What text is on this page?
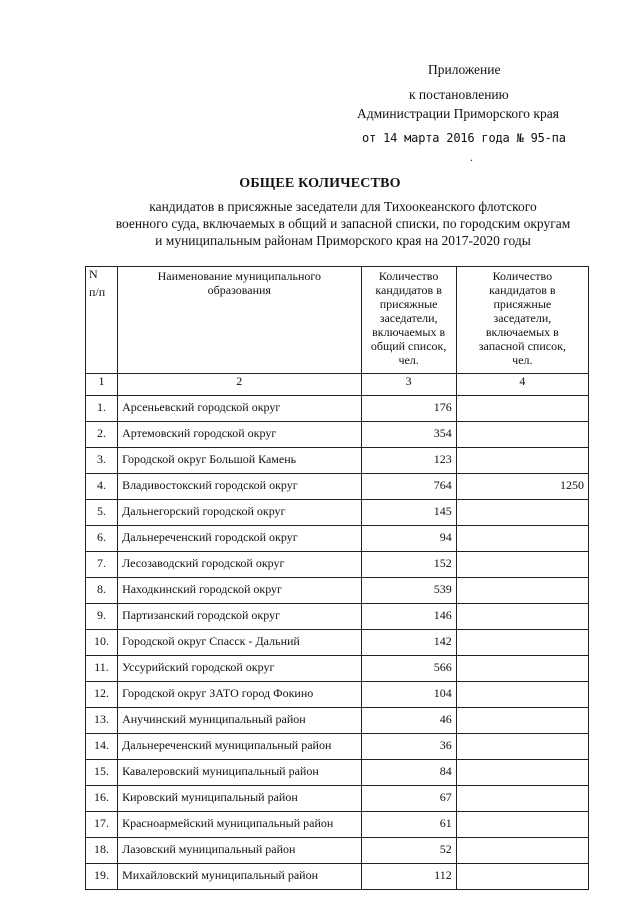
Приложение
к постановлению
Администрации Приморского края
от 14 марта 2016 года № 95-па
.
ОБЩЕЕ КОЛИЧЕСТВО
кандидатов в присяжные заседатели для Тихоокеанского флотского
военного суда, включаемых в общий и запасной списки, по городским округам
и муниципальным районам Приморского края на 2017-2020 годы
N
п/п	Наименование муниципального образования	Количество кандидатов в присяжные заседатели, включаемых в общий список, чел.	Количество кандидатов в присяжные заседатели, включаемых в запасной список, чел.
1	2	3	4
1.	Арсеньевский городской округ	176	
2.	Артемовский городской округ	354	
3.	Городской округ Большой Камень	123	
4.	Владивостокский городской округ	764	1250
5.	Дальнегорский городской округ	145	
6.	Дальнереченский городской округ	94	
7.	Лесозаводский городской округ	152	
8.	Находкинский городской округ	539	
9.	Партизанский городской округ	146	
10.	Городской округ Спасск - Дальний	142	
11.	Уссурийский городской округ	566	
12.	Городской округ ЗАТО город Фокино	104	
13.	Анучинский муниципальный район	46	
14.	Дальнереченский муниципальный район	36	
15.	Кавалеровский муниципальный район	84	
16.	Кировский муниципальный район	67	
17.	Красноармейский муниципальный район	61	
18.	Лазовский муниципальный район	52	
19.	Михайловский муниципальный район	112	
